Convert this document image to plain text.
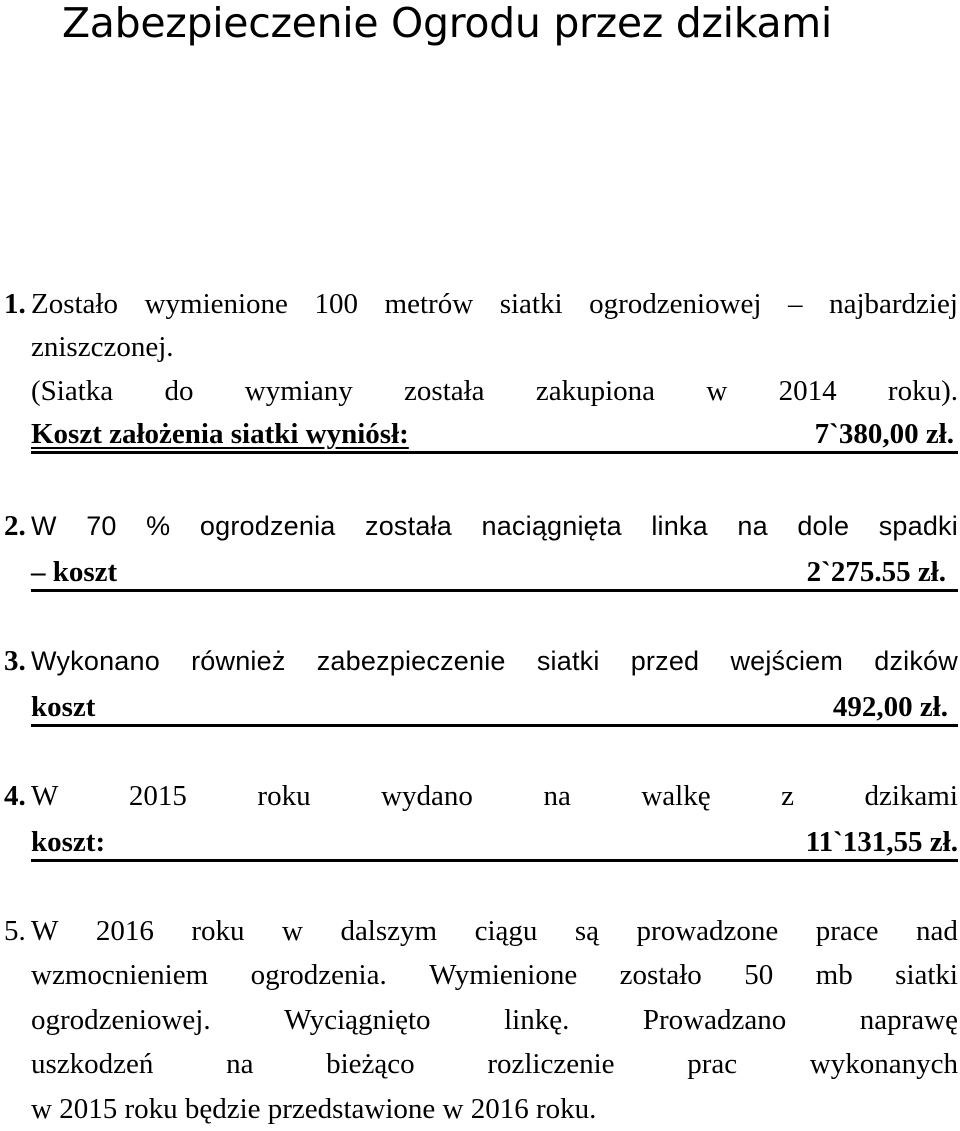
Zabezpieczenie Ogrodu przez dzikami
1. Zostało wymienione 100 metrów siatki ogrodzeniowej – najbardziej
zniszczonej.
(Siatka do wymiany została zakupiona w 2014 roku).
Koszt założenia siatki wyniósł:	7`380,00 zł.
2. W 70 % ogrodzenia została naciągnięta linka na dole spadki
– koszt	2`275.55 zł.
3. Wykonano również zabezpieczenie siatki przed wejściem dzików
koszt	492,00 zł.
4. W 2015 roku wydano na walkę z dzikami
koszt:	11`131,55 zł.
5. W 2016 roku w dalszym ciągu są prowadzone prace nad
wzmocnieniem ogrodzenia. Wymienione zostało 50 mb siatki
ogrodzeniowej.	Wyciągnięto	linkę.	Prowadzano	naprawę
uszkodzeń	na	bieżąco	rozliczenie	prac	wykonanych
w 2015 roku będzie przedstawione w 2016 roku.
